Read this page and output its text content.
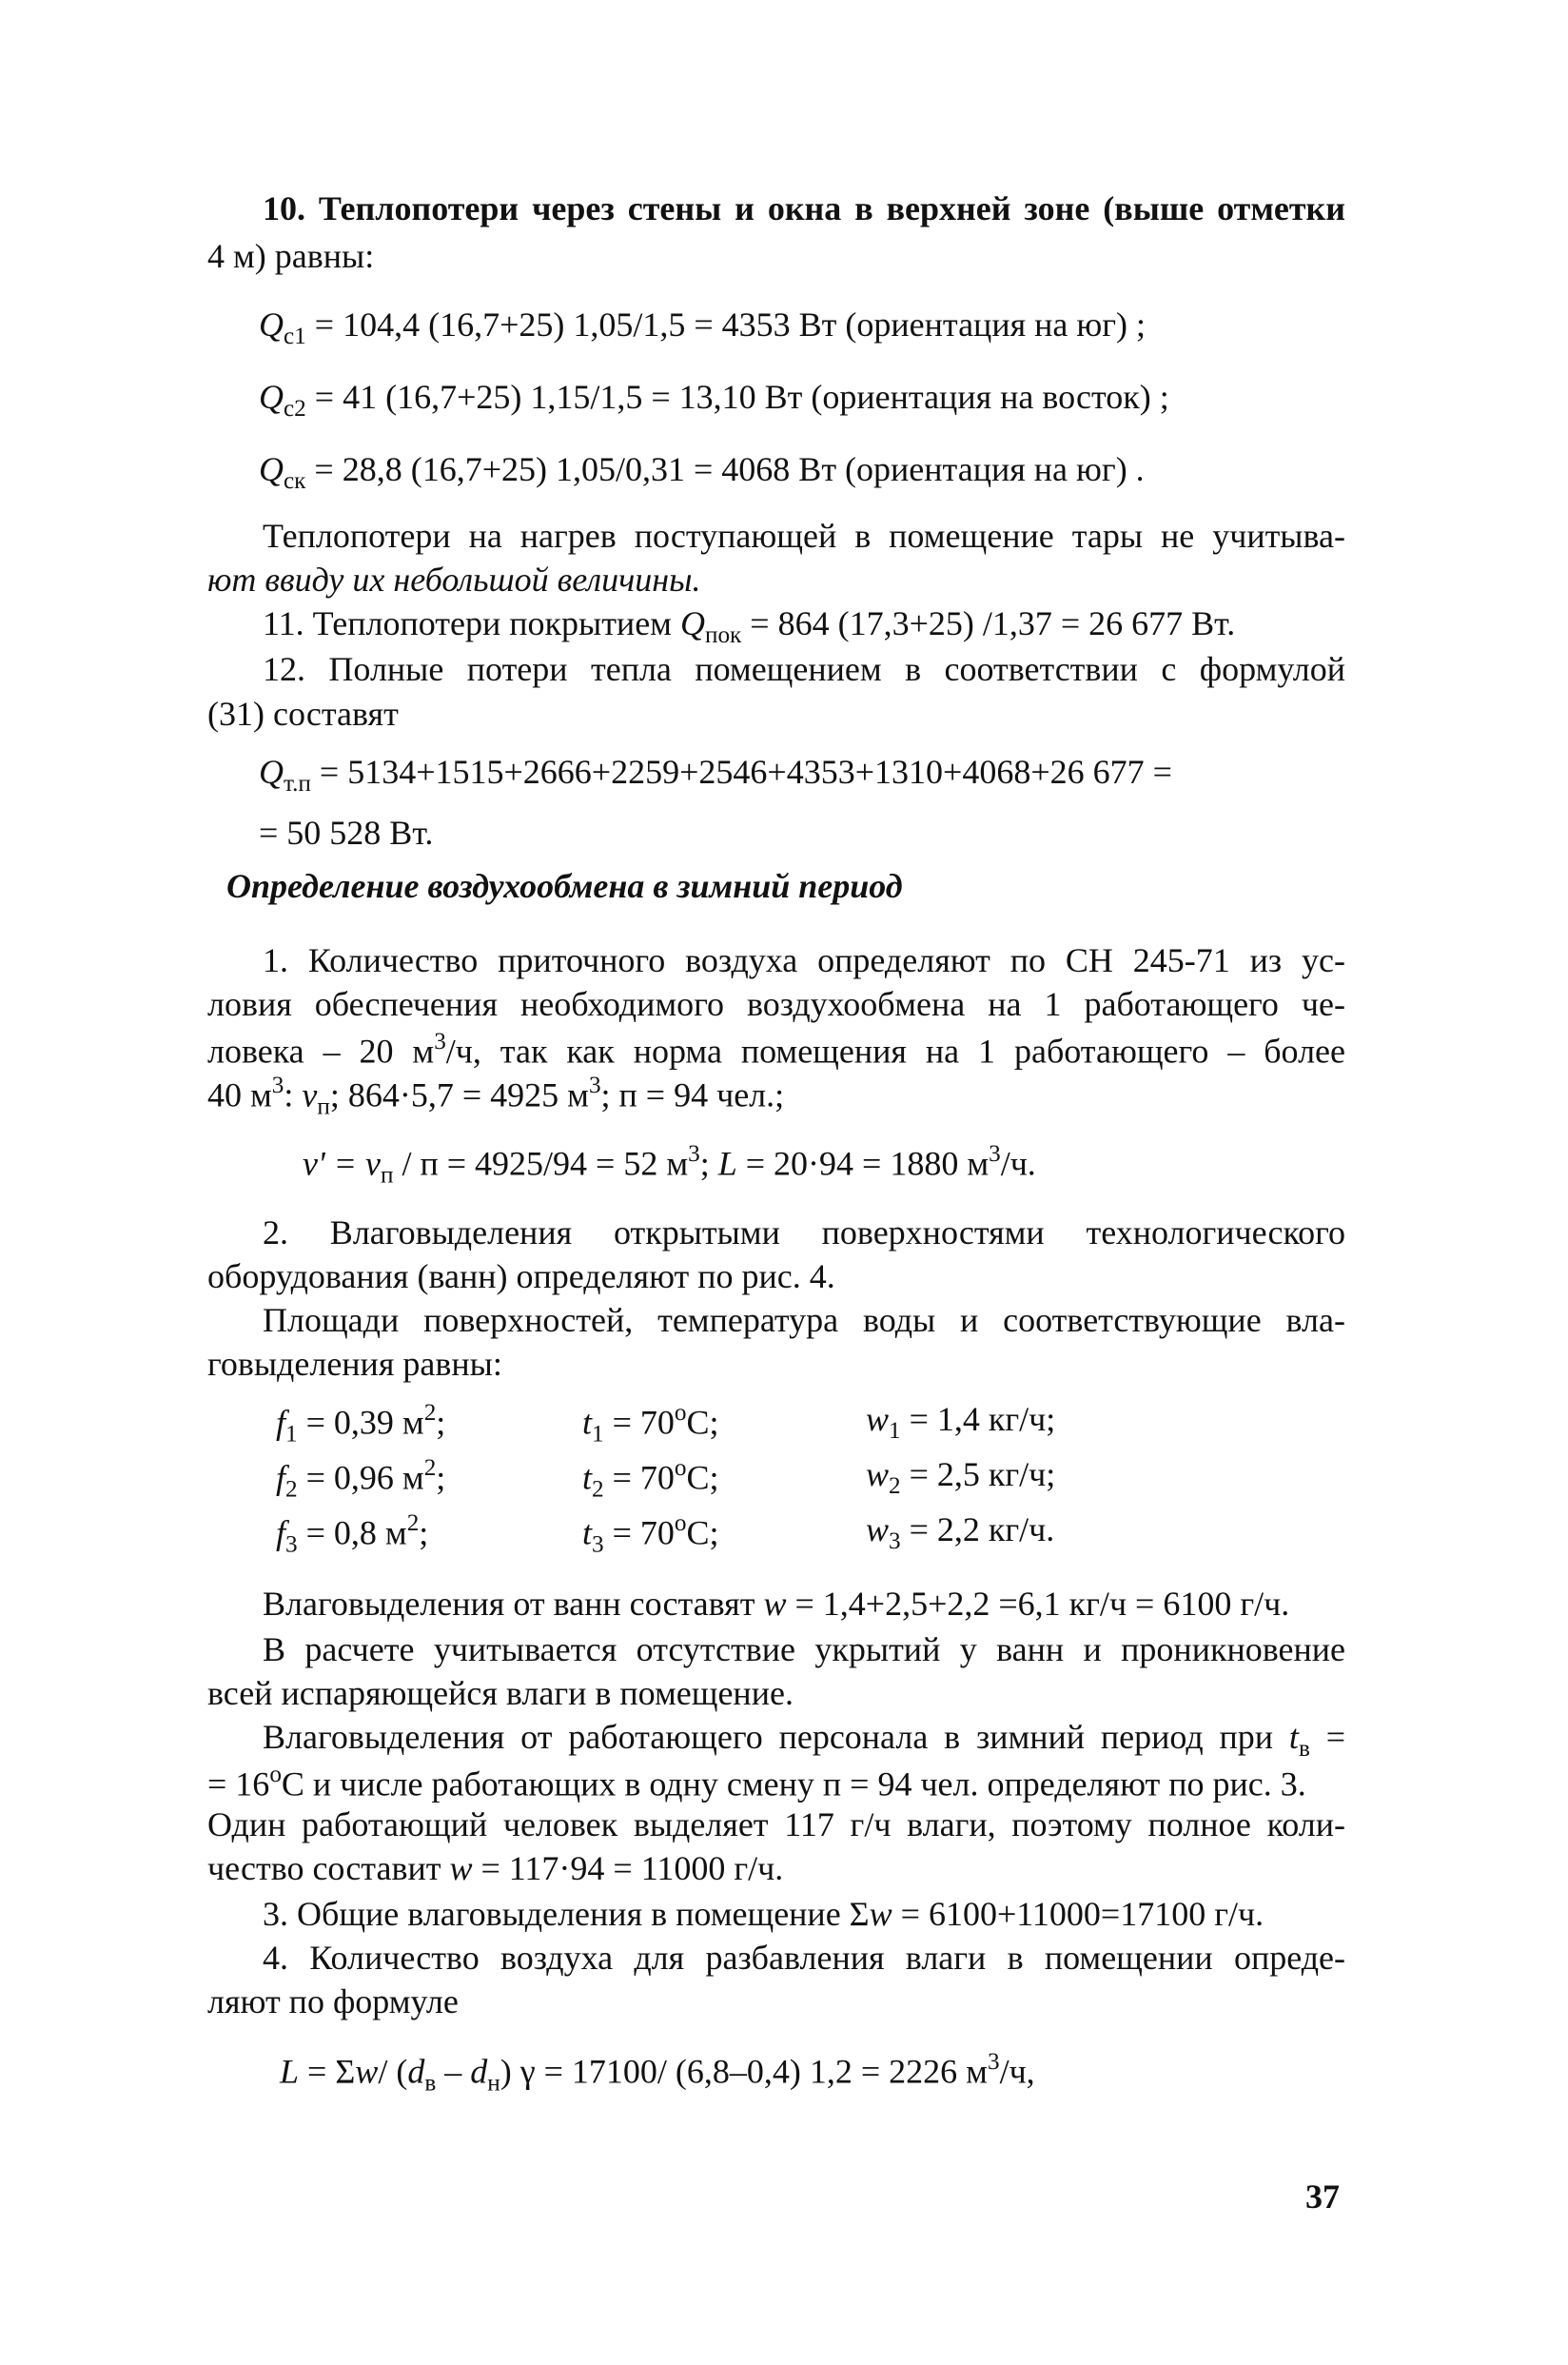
10. Теплопотери через стены и окна в верхней зоне (выше отметки
4 м) равны:
$Q_{c1} = 104,4$ (16,7+25) 1,05/1,5 = 4353 Вт (ориентация на юг) ;
$Q_{c2} = 41$ (16,7+25) 1,15/1,5 = 13,10 Вт (ориентация на восток) ;
$Q_{ск} = 28,8$ (16,7+25) 1,05/0,31 = 4068 Вт (ориентация на юг) .
Теплопотери на нагрев поступающей в помещение тары не учитыва-
ют ввиду их небольшой величины.
11. Теплопотери покрытием $Q_{пок} = 864$ (17,3+25) /1,37 = 26 677 Вт.
12. Полные потери тепла помещением в соответствии с формулой
(31) составят
$Q_{т.п} = 5134+1515+2666+2259+2546+4353+1310+4068+26$ 677 =
= 50 528 Вт.
Определение воздухообмена в зимний период
1. Количество приточного воздуха определяют по СН 245-71 из ус-
ловия обеспечения необходимого воздухообмена на 1 работающего че-
ловека – 20 $м^3/ч$, так как норма помещения на 1 работающего – более
40 $м^3$: $v_п$; 864·5,7 = 4925 $м^3$; п = 94 чел.;
$v' = v_п / п = 4925/94 = 52$ $м^3$; L = 20·94 = 1880 $м^3/ч$.
2. Влаговыделения открытыми поверхностями технологического
оборудования (ванн) определяют по рис. 4.
Площади поверхностей, температура воды и соответствующие вла-
говыделения равны:
$f_1 = 0,39$ $м^2$;	$t_1 = 70^oC$;	$w_1 = 1,4$ кг/ч;
$f_2 = 0,96$ $м^2$;	$t_2 = 70^oC$;	$w_2 = 2,5$ кг/ч;
$f_3 = 0,8$ $м^2$;	$t_3 = 70^oC$;	$w_3 = 2,2$ кг/ч.
Влаговыделения от ванн составят w = 1,4+2,5+2,2 =6,1 кг/ч = 6100 г/ч.
В расчете учитывается отсутствие укрытий у ванн и проникновение
всей испаряющейся влаги в помещение.
Влаговыделения от работающего персонала в зимний период при $t_в$ =
= $16^oС$ и числе работающих в одну смену п = 94 чел. определяют по рис. 3.
Один работающий человек выделяет 117 г/ч влаги, поэтому полное коли-
чество составит w = 117·94 = 11000 г/ч.
3. Общие влаговыделения в помещение Σw = 6100+11000=17100 г/ч.
4. Количество воздуха для разбавления влаги в помещении опреде-
ляют по формуле
L = Σw/ $(d_в - d_н) \gamma = 17100/$ (6,8–0,4) 1,2 = 2226 $м^3/ч$,
37
